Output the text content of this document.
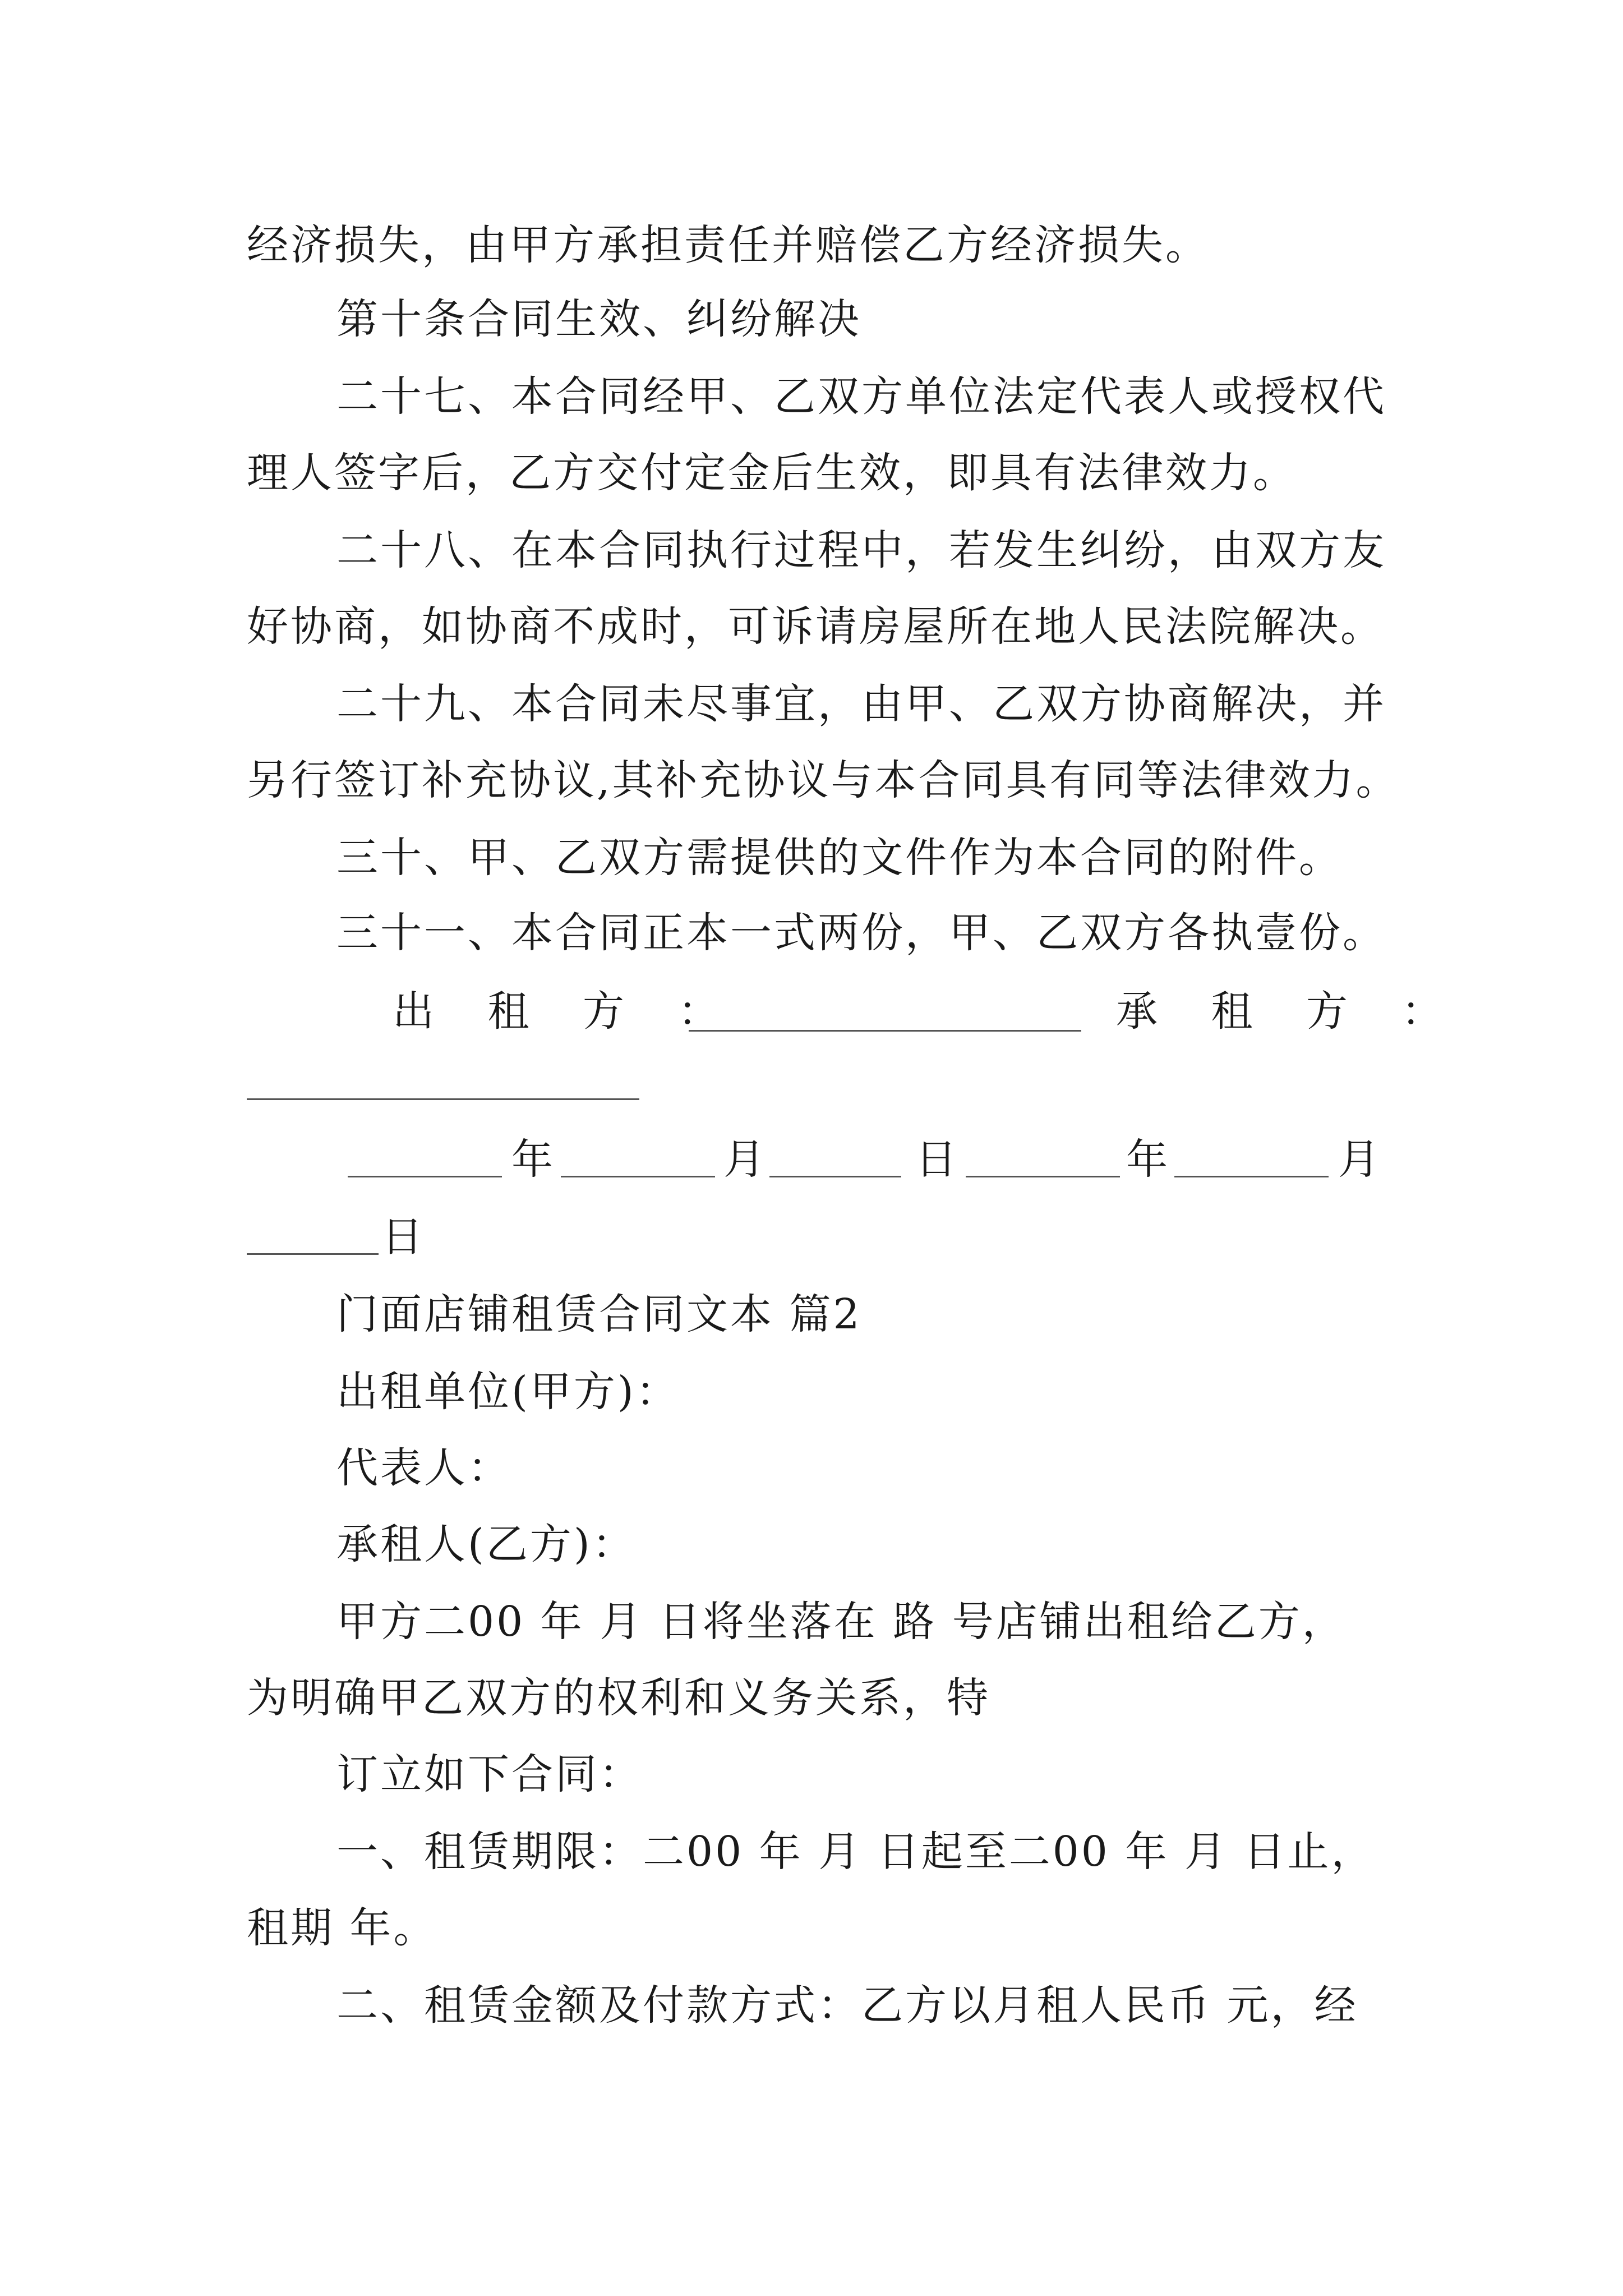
经济损失，由甲方承担责任并赔偿乙方经济损失。
第十条合同生效、纠纷解决
二十七、本合同经甲、乙双方单位法定代表人或授权代
理人签字后，乙方交付定金后生效，即具有法律效力。
二十八、在本合同执行过程中，若发生纠纷，由双方友
好协商，如协商不成时，可诉请房屋所在地人民法院解决。
二十九、本合同未尽事宜，由甲、乙双方协商解决，并
另行签订补充协议,其补充协议与本合同具有同等法律效力。
三十、甲、乙双方需提供的文件作为本合同的附件。
三十一、本合同正本一式两份，甲、乙双方各执壹份。
出 租 方 ：	承 租 方 ：
年	月	日	年	月
日
门面店铺租赁合同文本 篇2
出租单位(甲方)：
代表人：
承租人(乙方)：
甲方二00 年 月 日将坐落在 路 号店铺出租给乙方，
为明确甲乙双方的权利和义务关系，特
订立如下合同：
一、租赁期限：二00 年 月 日起至二00 年 月 日止，
租期 年。
二、租赁金额及付款方式：乙方以月租人民币 元，经
